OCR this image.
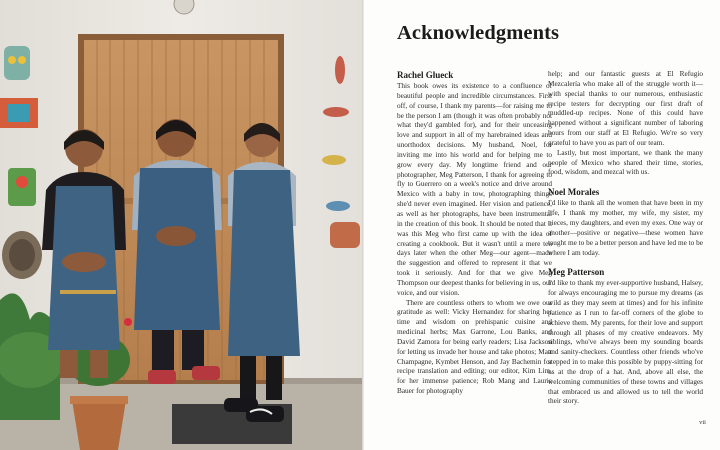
Acknowledgments
Rachel Glueck

This book owes its existence to a confluence of beautiful people and incredible circumstances. First off, of course, I thank my parents—for raising me to be the person I am (though it was often probably not what they'd gambled for), and for their unceasing love and support in all of my harebrained ideas and unorthodox decisions. My husband, Noel, for inviting me into his world and for helping me to grow every day. My longtime friend and our photographer, Meg Patterson, I thank for agreeing to fly to Guerrero on a week's notice and drive around Mexico with a baby in tow, photographing things she'd never even imagined. Her vision and patience, as well as her photographs, have been instrumental in the creation of this book. It should be noted that it was this Meg who first came up with the idea of creating a cookbook. But it wasn't until a mere ten days later when the other Meg—our agent—made the suggestion and offered to represent it that we took it seriously. And for that we give Meg Thompson our deepest thanks for believing in us, our voice, and our vision.

There are countless others to whom we owe our gratitude as well: Vicky Hernandez for sharing her time and wisdom on prehispanic cuisine and medicinal herbs; Max Garrone, Lou Banks, and David Zamora for being early readers; Lisa Jackson for letting us invade her house and take photos; Matt Champagne, Kymbet Henson, and Jay Bachemin for recipe translation and editing; our editor, Kim Lim, for her immense patience; Rob Mang and Laurie Bauer for photography

help; and our fantastic guests at El Refugio Mezcalería who make all of the struggle worth it—with special thanks to our numerous, enthusiastic recipe testers for decrypting our first draft of muddled-up recipes. None of this could have happened without a significant number of laboring hours from our staff at El Refugio. We're so very grateful to have you as part of our team.

Lastly, but most important, we thank the many people of Mexico who shared their time, stories, food, wisdom, and mezcal with us.

Noel Morales

I'd like to thank all the women that have been in my life, I thank my mother, my wife, my sister, my nieces, my daughters, and even my exes. One way or another—positive or negative—these women have taught me to be a better person and have led me to be where I am today.

Meg Patterson

I'd like to thank my ever-supportive husband, Halsey, for always encouraging me to pursue my dreams (as wild as they may seem at times) and for his infinite patience as I run to far-off corners of the globe to achieve them. My parents, for their love and support through all phases of my creative endeavors. My siblings, who've always been my sounding boards and sanity-checkers. Countless other friends who've stepped in to make this possible by puppy-sitting for us at the drop of a hat. And, above all else, the welcoming communities of these towns and villages that embraced us and allowed us to tell the world their story.

vii
